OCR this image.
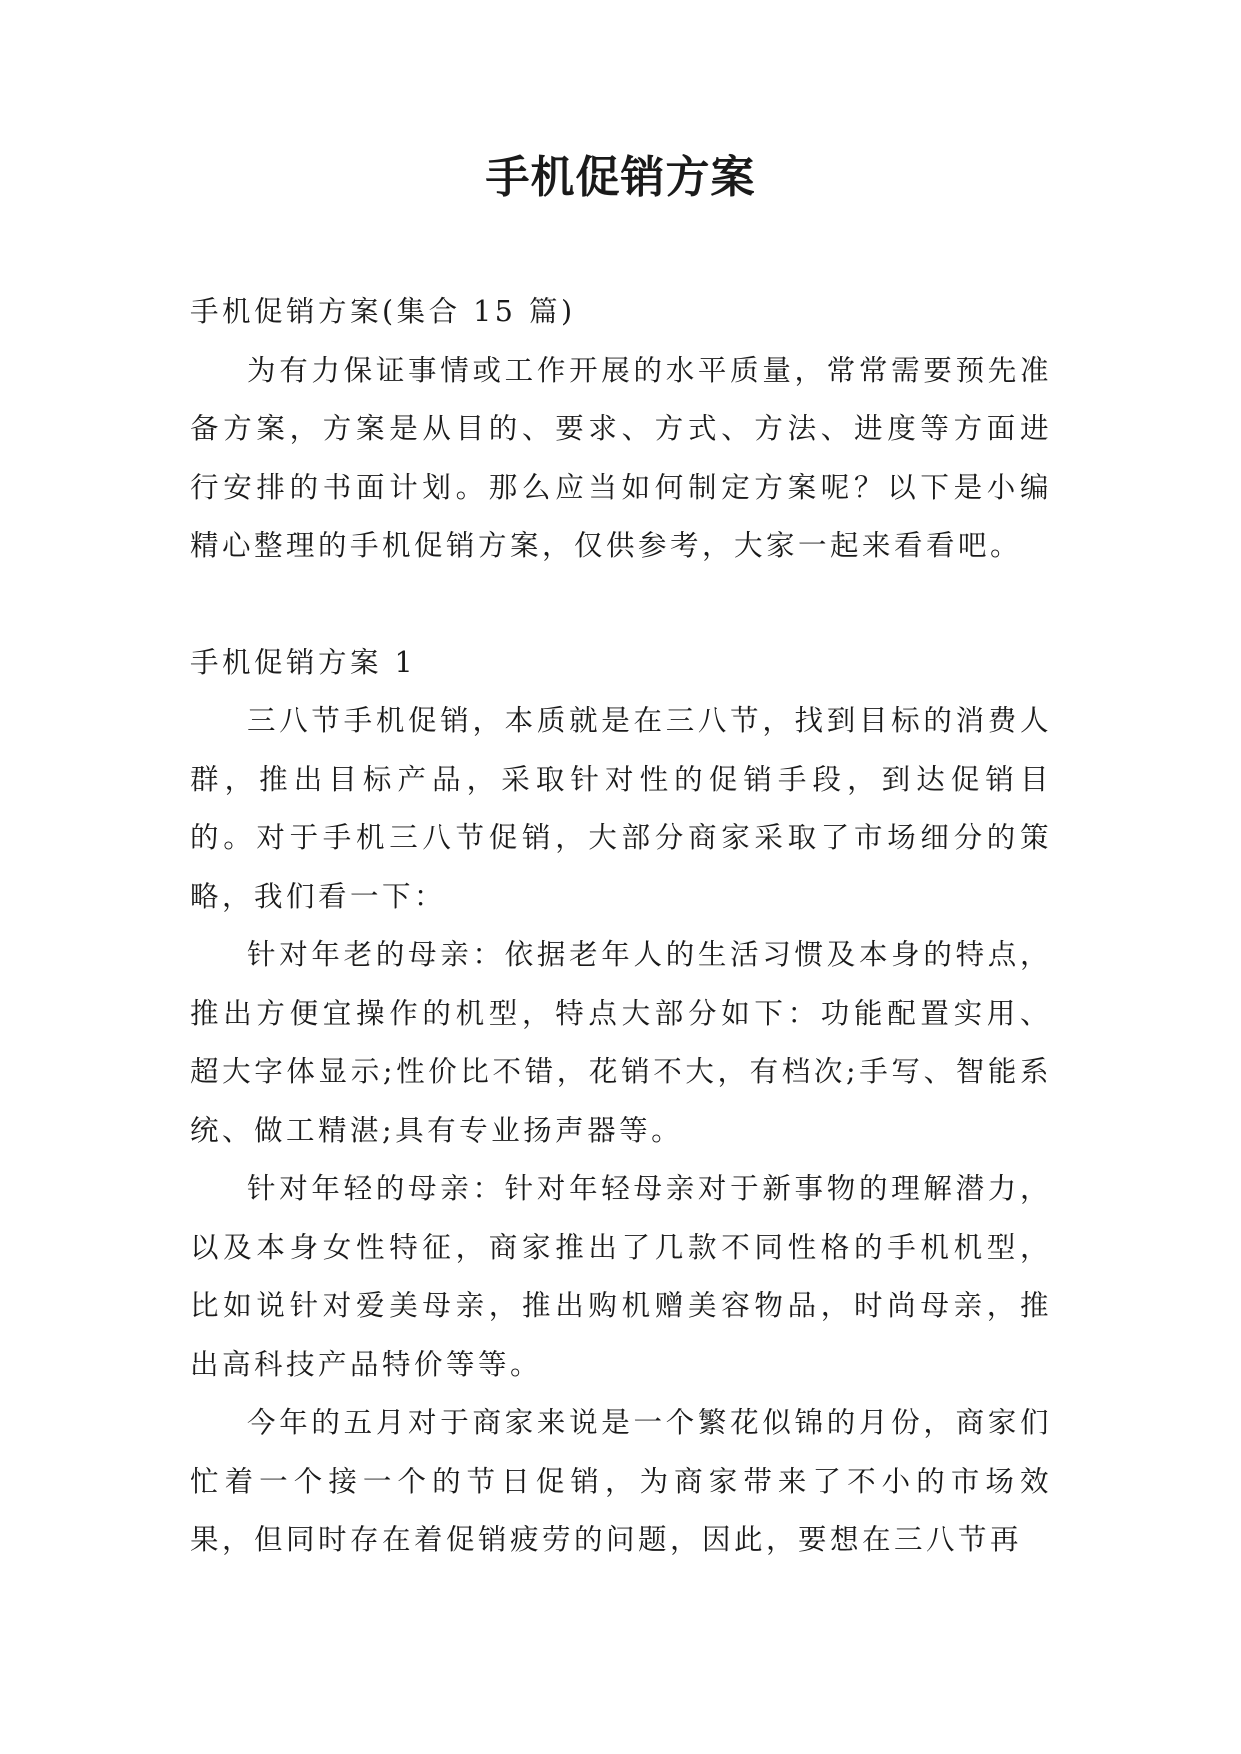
手机促销方案

手机促销方案(集合 15 篇)

为有力保证事情或工作开展的水平质量，常常需要预先准备方案，方案是从目的、要求、方式、方法、进度等方面进行安排的书面计划。那么应当如何制定方案呢？以下是小编精心整理的手机促销方案，仅供参考，大家一起来看看吧。

手机促销方案 1

三八节手机促销，本质就是在三八节，找到目标的消费人群，推出目标产品，采取针对性的促销手段，到达促销目的。对于手机三八节促销，大部分商家采取了市场细分的策略，我们看一下：

针对年老的母亲：依据老年人的生活习惯及本身的特点，推出方便宜操作的机型，特点大部分如下：功能配置实用、超大字体显示;性价比不错，花销不大，有档次;手写、智能系统、做工精湛;具有专业扬声器等。

针对年轻的母亲：针对年轻母亲对于新事物的理解潜力，以及本身女性特征，商家推出了几款不同性格的手机机型，比如说针对爱美母亲，推出购机赠美容物品，时尚母亲，推出高科技产品特价等等。

今年的五月对于商家来说是一个繁花似锦的月份，商家们忙着一个接一个的节日促销，为商家带来了不小的市场效果，但同时存在着促销疲劳的问题，因此，要想在三八节再
